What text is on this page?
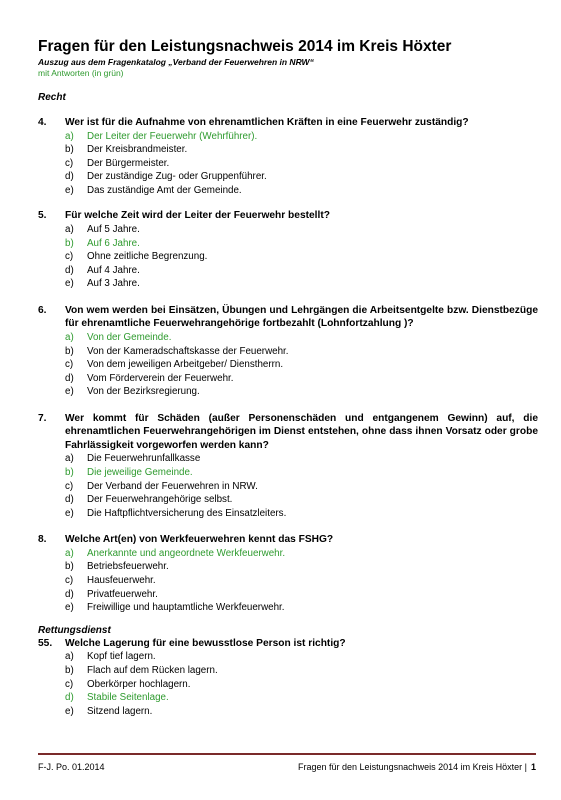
Fragen für den Leistungsnachweis 2014 im Kreis Höxter
Auszug aus dem Fragenkatalog „Verband der Feuerwehren in NRW“
mit Antworten (in grün)
Recht
4.	Wer ist für die Aufnahme von ehrenamtlichen Kräften in eine Feuerwehr zuständig?
a)	Der Leiter der Feuerwehr (Wehrführer).
b)	Der Kreisbrandmeister.
c)	Der Bürgermeister.
d)	Der zuständige Zug- oder Gruppenführer.
e)	Das zuständige Amt der Gemeinde.
5.	Für welche Zeit wird der Leiter der Feuerwehr bestellt?
a)	Auf 5 Jahre.
b)	Auf 6 Jahre.
c)	Ohne zeitliche Begrenzung.
d)	Auf 4 Jahre.
e)	Auf 3 Jahre.
6.	Von wem werden bei Einsätzen, Übungen und Lehrgängen die Arbeitsentgelte bzw. Dienstbezüge für ehrenamtliche Feuerwehrangehörige fortbezahlt (Lohnfortzahlung )?
a)	Von der Gemeinde.
b)	Von der Kameradschaftskasse der Feuerwehr.
c)	Von dem jeweiligen Arbeitgeber/ Dienstherrn.
d)	Vom Förderverein der Feuerwehr.
e)	Von der Bezirksregierung.
7.	Wer kommt für Schäden (außer Personenschäden und entgangenem Gewinn) auf, die ehrenamtlichen Feuerwehrangehörigen im Dienst entstehen, ohne dass ihnen Vorsatz oder grobe Fahrlässigkeit vorgeworfen werden kann?
a)	Die Feuerwehrunfallkasse
b)	Die jeweilige Gemeinde.
c)	Der Verband der Feuerwehren in NRW.
d)	Der Feuerwehrangehörige selbst.
e)	Die Haftpflichtversicherung des Einsatzleiters.
8.	Welche Art(en) von Werkfeuerwehren kennt das FSHG?
a)	Anerkannte und angeordnete Werkfeuerwehr.
b)	Betriebsfeuerwehr.
c)	Hausfeuerwehr.
d)	Privatfeuerwehr.
e)	Freiwillige und hauptamtliche Werkfeuerwehr.
Rettungsdienst
55.	Welche Lagerung für eine bewusstlose Person ist richtig?
a)	Kopf tief lagern.
b)	Flach auf dem Rücken lagern.
c)	Oberkörper hochlagern.
d)	Stabile Seitenlage.
e)	Sitzend lagern.
F-J. Po. 01.2014	Fragen für den Leistungsnachweis 2014 im Kreis Höxter | 1
